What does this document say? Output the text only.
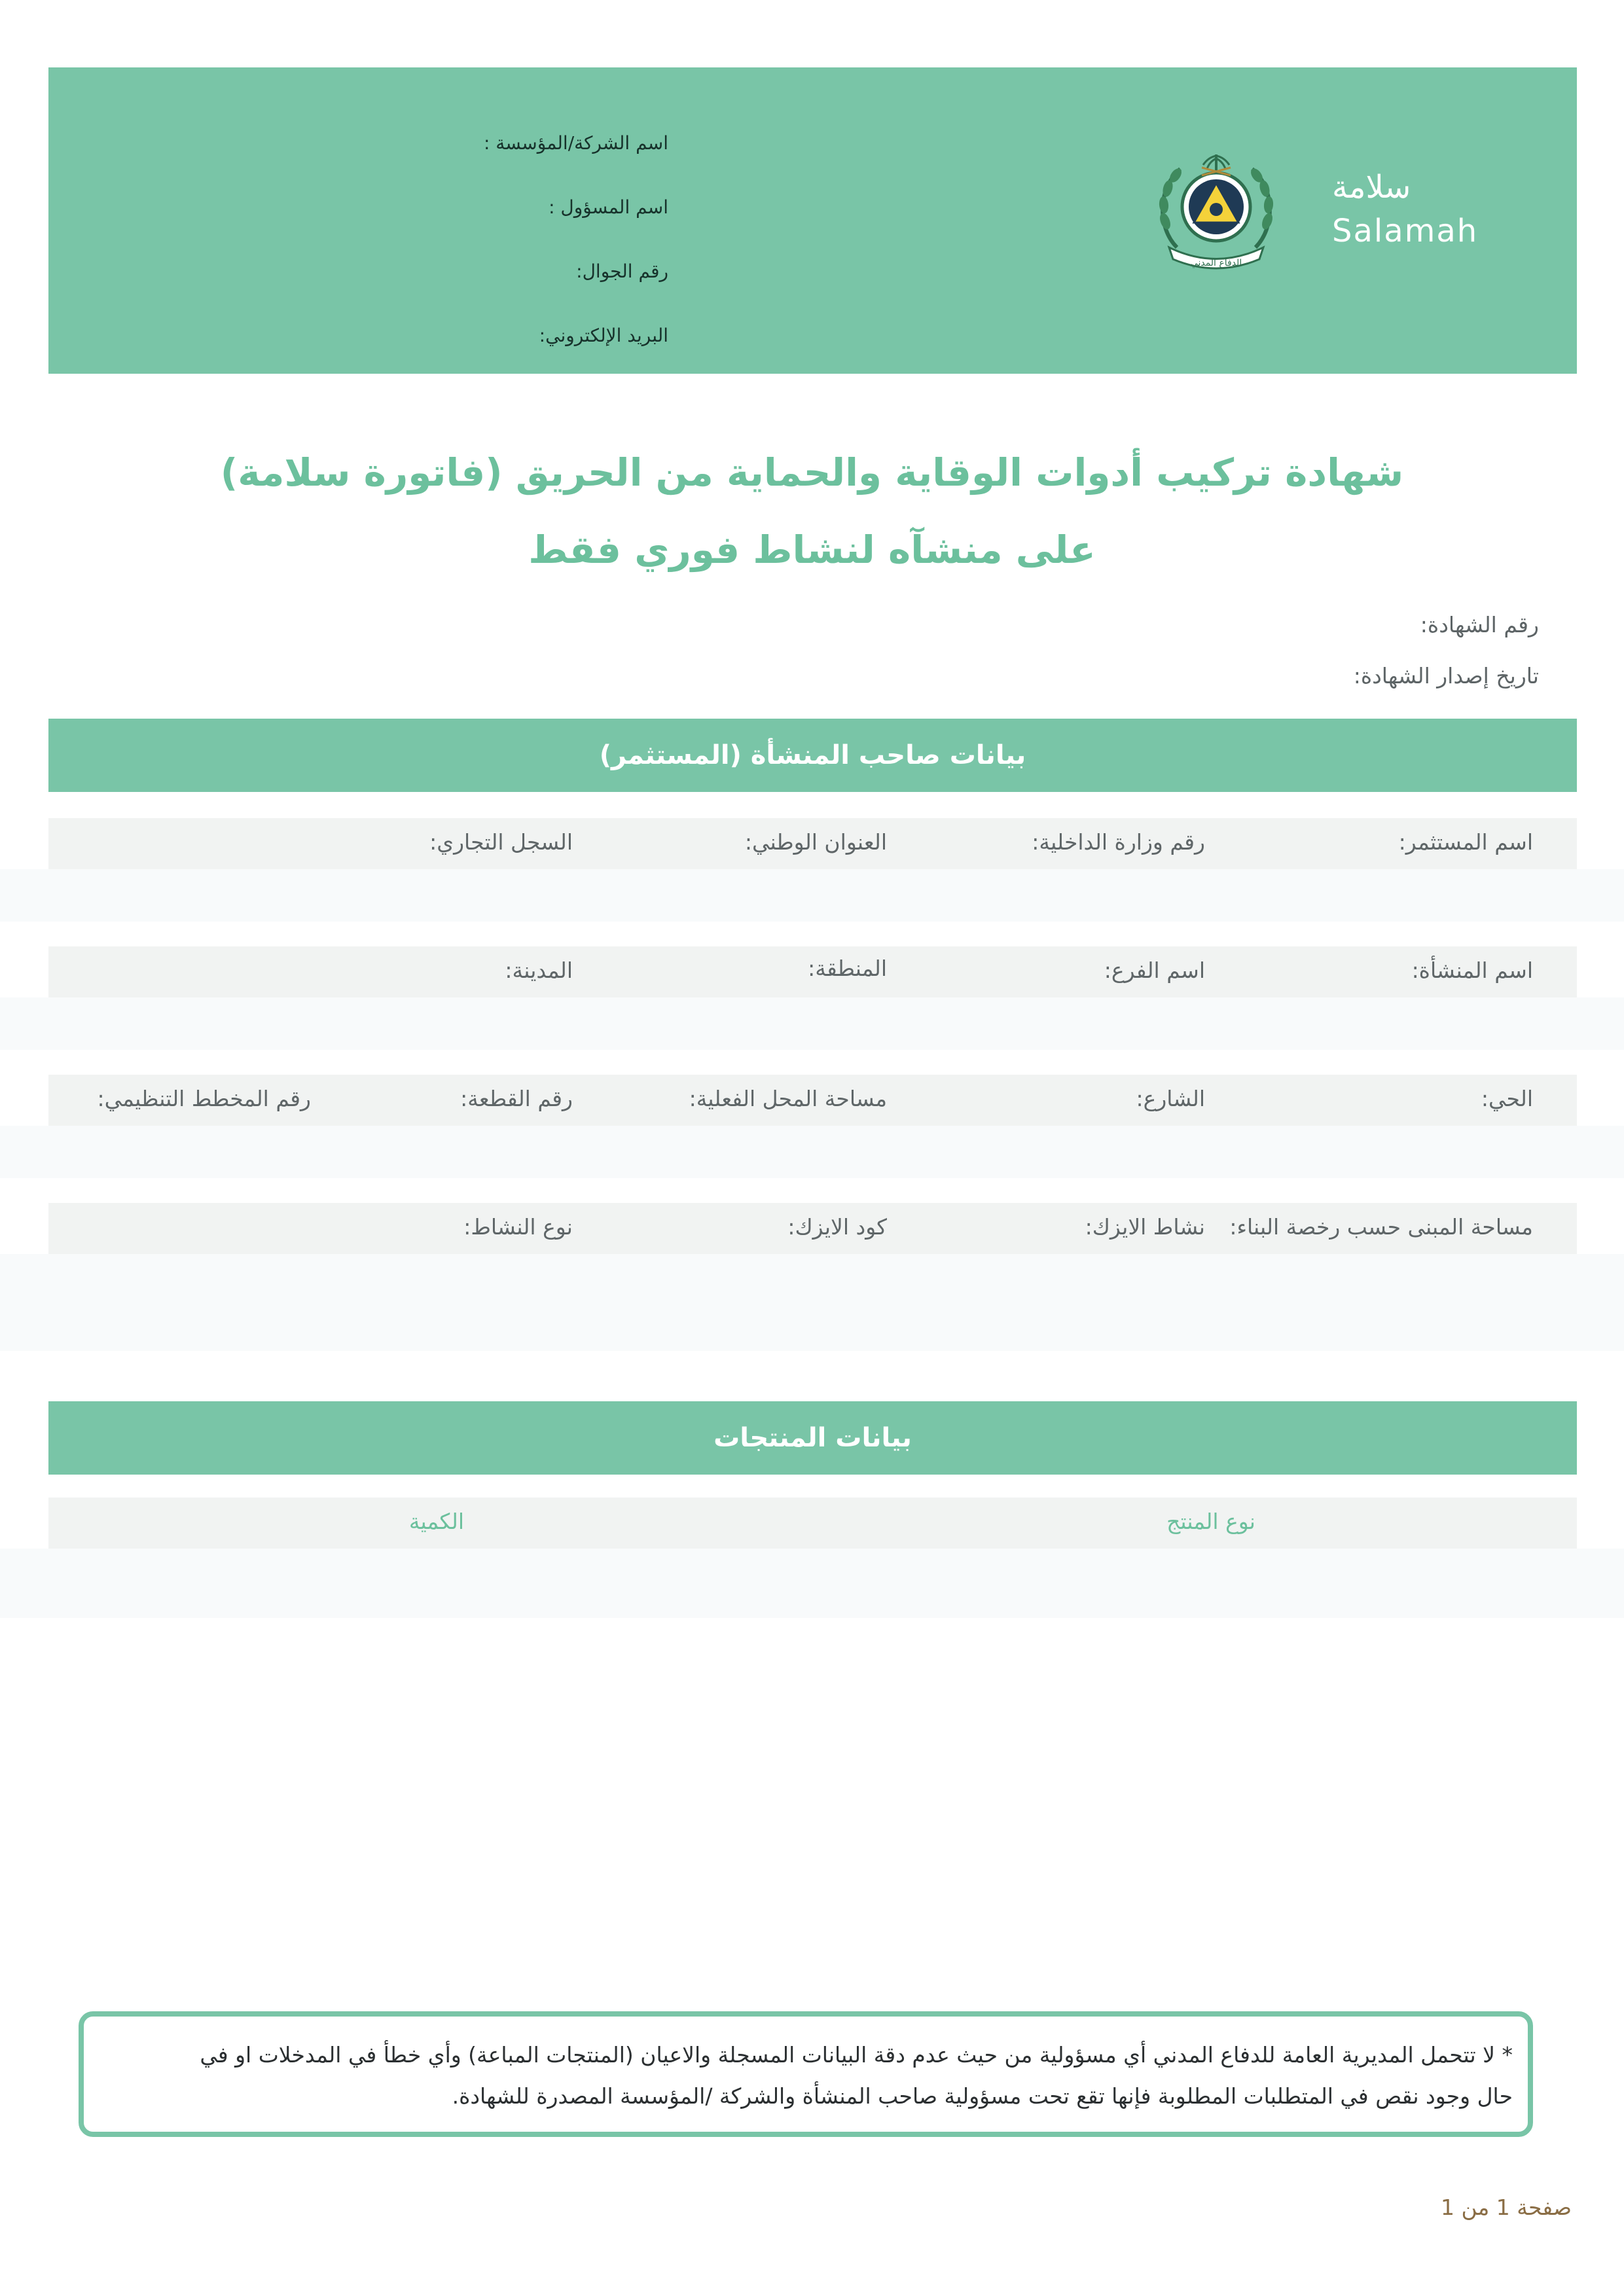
اسم الشركة/المؤسسة :
اسم المسؤول :
رقم الجوال:
البريد الإلكتروني:
الدفاع المدني
سلامة
Salamah
شهادة تركيب أدوات الوقاية والحماية من الحريق (فاتورة سلامة)
على منشآه لنشاط فوري فقط
رقم الشهادة:
تاريخ إصدار الشهادة:
بيانات صاحب المنشأة (المستثمر)
اسم المستثمر:
رقم وزارة الداخلية:
العنوان الوطني:
السجل التجاري:
اسم المنشأة:
اسم الفرع:
المنطقة:
المدينة:
الحي:
الشارع:
مساحة المحل الفعلية:
رقم القطعة:
رقم المخطط التنظيمي:
مساحة المبنى حسب رخصة البناء:
نشاط الايزك:
كود الايزك:
نوع النشاط:
بيانات المنتجات
نوع المنتج
الكمية
* لا تتحمل المديرية العامة للدفاع المدني أي مسؤولية من حيث عدم دقة البيانات المسجلة والاعيان (المنتجات المباعة) وأي خطأ في المدخلات او في
حال وجود نقص في المتطلبات المطلوبة فإنها تقع تحت مسؤولية صاحب المنشأة والشركة /المؤسسة المصدرة للشهادة.
صفحة 1 من 1
